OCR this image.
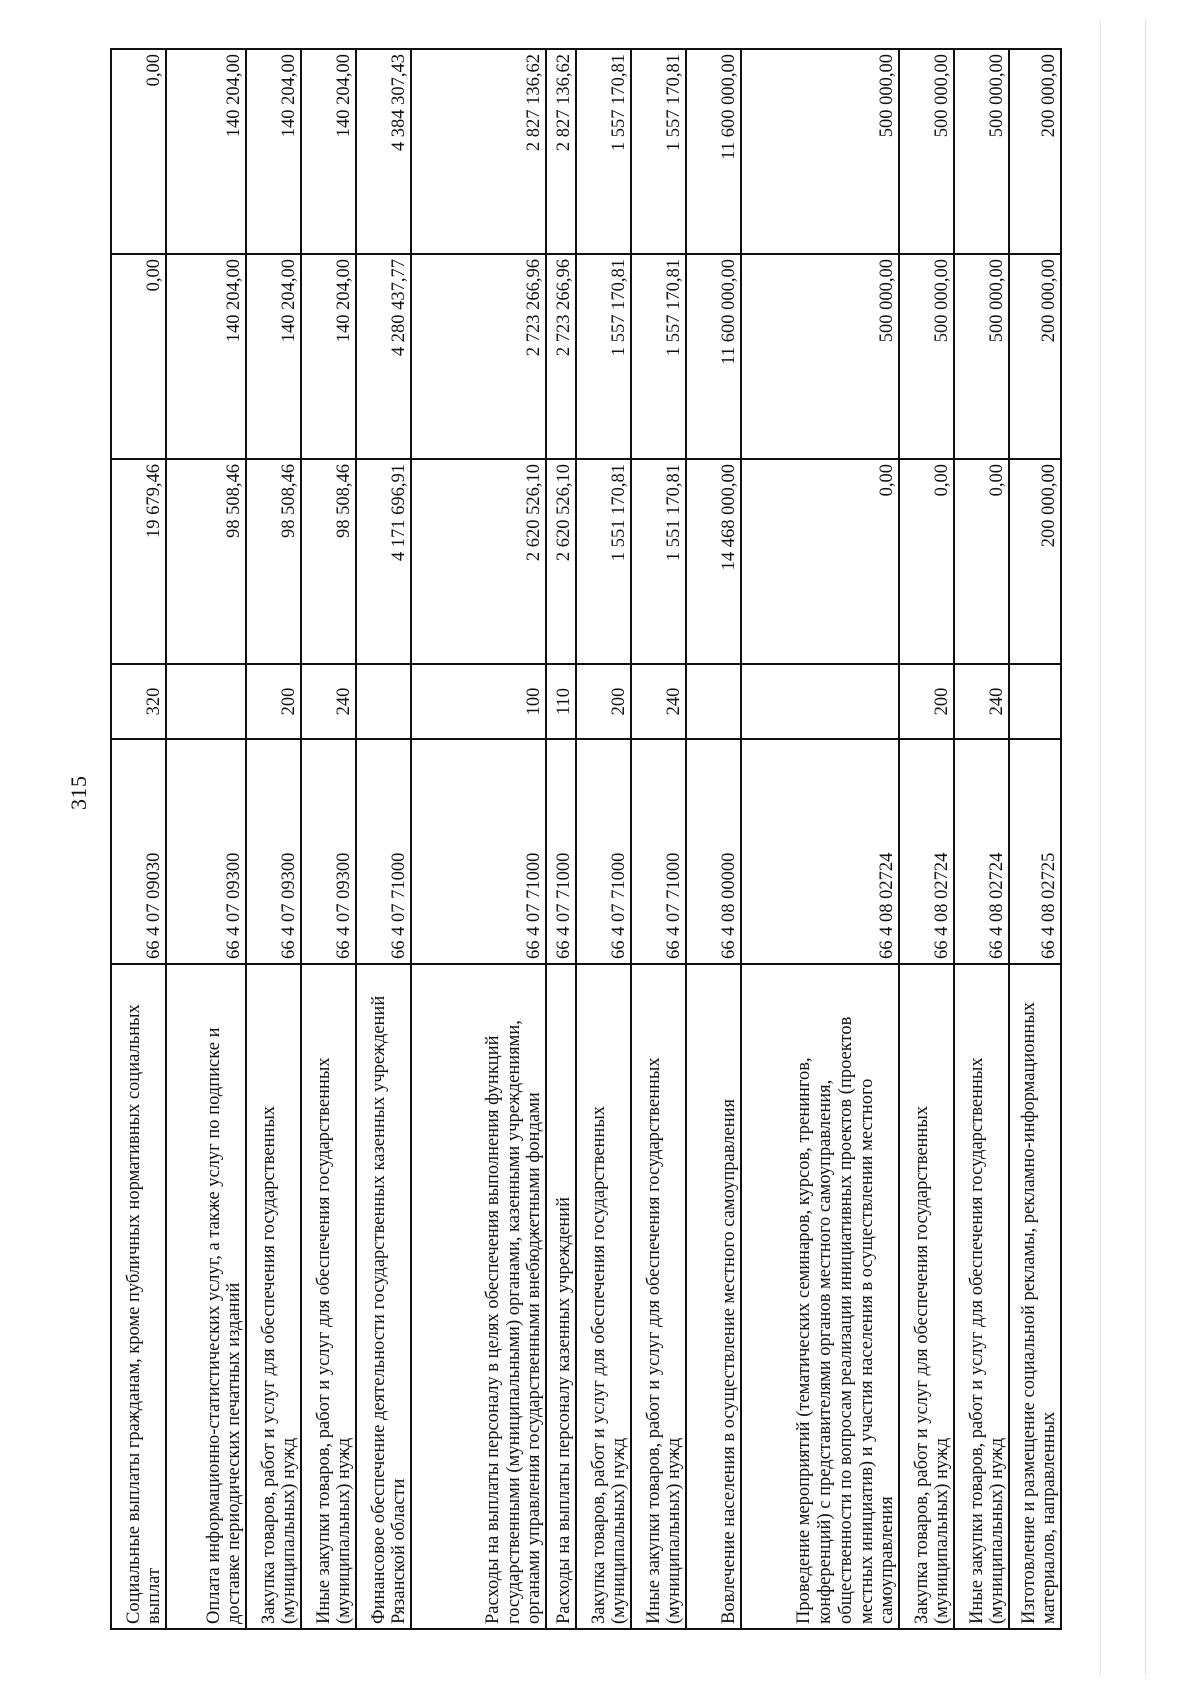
315
Социальные выплаты гражданам, кроме публичных нормативных социальных выплат	66 4 07 09030	320	19 679,46	0,00	0,00
Оплата информационно-статистических услуг, а также услуг по подписке и доставке периодических печатных изданий	66 4 07 09300		98 508,46	140 204,00	140 204,00
Закупка товаров, работ и услуг для обеспечения государственных (муниципальных) нужд	66 4 07 09300	200	98 508,46	140 204,00	140 204,00
Иные закупки товаров, работ и услуг для обеспечения государственных (муниципальных) нужд	66 4 07 09300	240	98 508,46	140 204,00	140 204,00
Финансовое обеспечение деятельности государственных казенных учреждений Рязанской области	66 4 07 71000		4 171 696,91	4 280 437,77	4 384 307,43
Расходы на выплаты персоналу в целях обеспечения выполнения функций государственными (муниципальными) органами, казенными учреждениями, органами управления государственными внебюджетными фондами	66 4 07 71000	100	2 620 526,10	2 723 266,96	2 827 136,62
Расходы на выплаты персоналу казенных учреждений	66 4 07 71000	110	2 620 526,10	2 723 266,96	2 827 136,62
Закупка товаров, работ и услуг для обеспечения государственных (муниципальных) нужд	66 4 07 71000	200	1 551 170,81	1 557 170,81	1 557 170,81
Иные закупки товаров, работ и услуг для обеспечения государственных (муниципальных) нужд	66 4 07 71000	240	1 551 170,81	1 557 170,81	1 557 170,81
Вовлечение населения в осуществление местного самоуправления	66 4 08 00000		14 468 000,00	11 600 000,00	11 600 000,00
Проведение мероприятий (тематических семинаров, курсов, тренингов, конференций) с представителями органов местного самоуправления, общественности по вопросам реализации инициативных проектов (проектов местных инициатив) и участия населения в осуществлении местного самоуправления	66 4 08 02724		0,00	500 000,00	500 000,00
Закупка товаров, работ и услуг для обеспечения государственных (муниципальных) нужд	66 4 08 02724	200	0,00	500 000,00	500 000,00
Иные закупки товаров, работ и услуг для обеспечения государственных (муниципальных) нужд	66 4 08 02724	240	0,00	500 000,00	500 000,00
Изготовление и размещение социальной рекламы, рекламно-информационных материалов, направленных	66 4 08 02725		200 000,00	200 000,00	200 000,00
